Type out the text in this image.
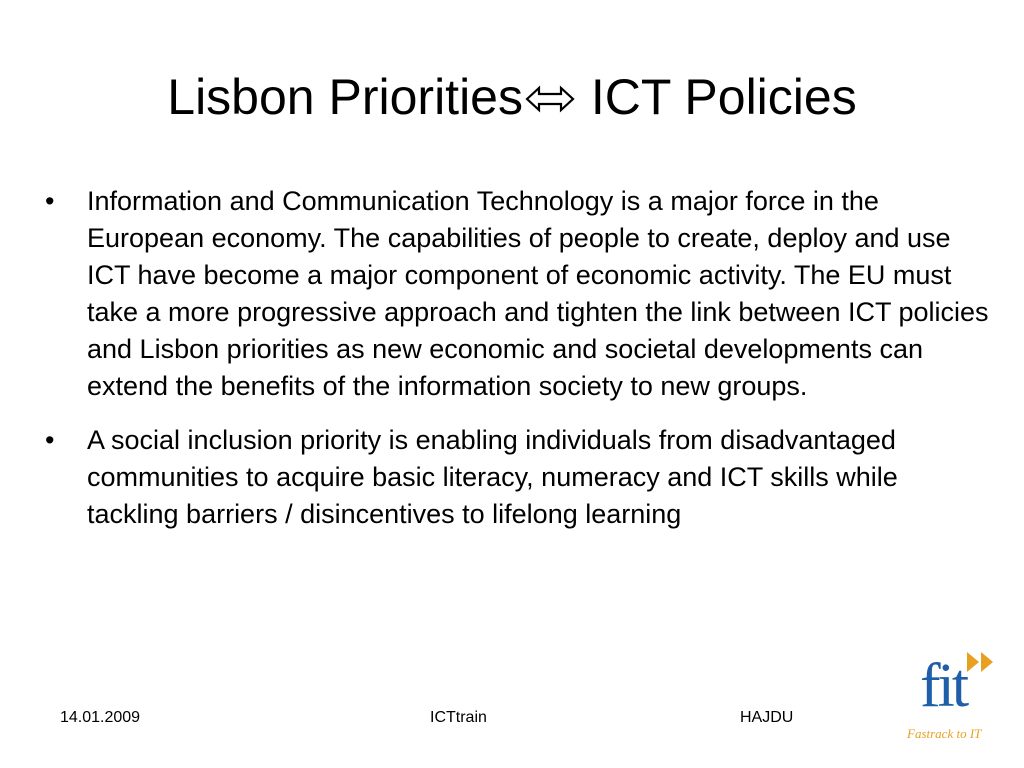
Lisbon Priorities ICT Policies
•	Information and Communication Technology is a major force in the European economy. The capabilities of people to create, deploy and use ICT have become a major component of economic activity. The EU must take a more progressive approach and tighten the link between ICT policies and Lisbon priorities as new economic and societal developments can extend the benefits of the information society to new groups.
•	A social inclusion priority is enabling individuals from disadvantaged communities to acquire basic literacy, numeracy and ICT skills while tackling barriers / disincentives to lifelong learning
14.01.2009	ICTtrain	HAJDU fit
Fastrack to IT
